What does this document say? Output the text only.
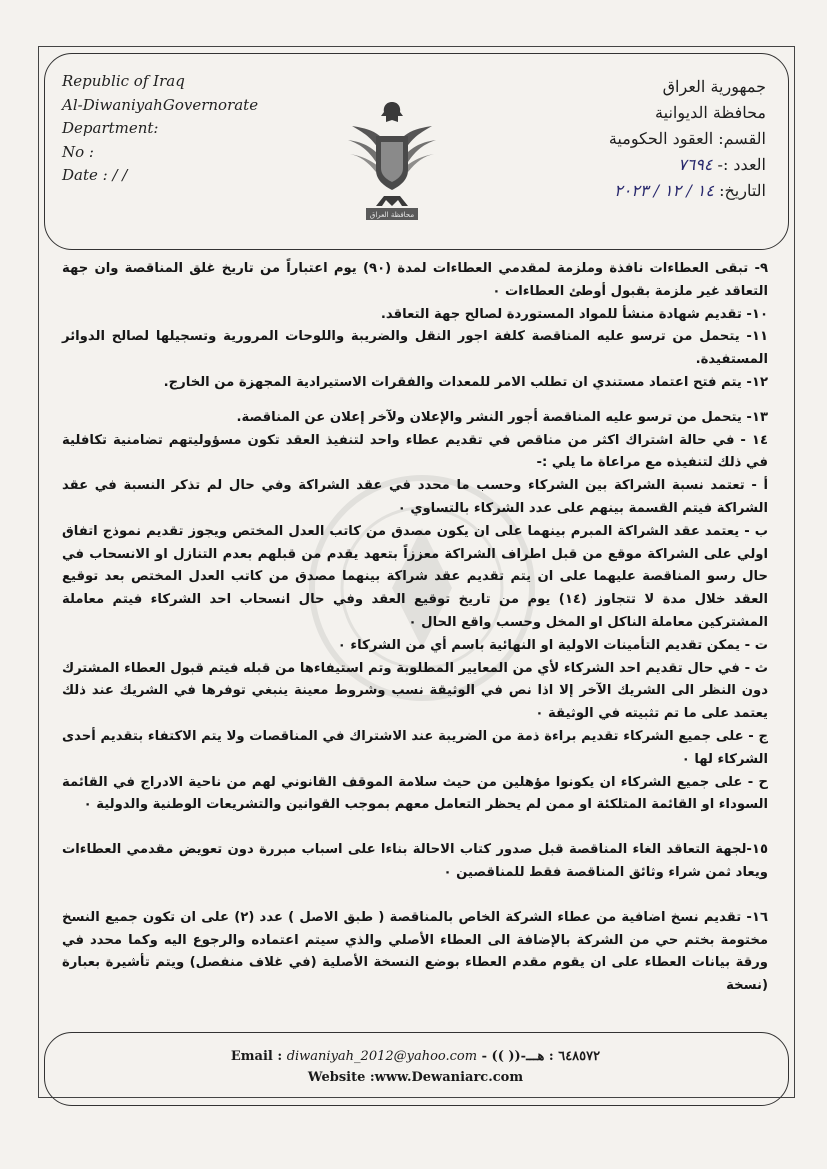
Republic of Iraq
Al-DiwaniyahGovernorate
Department:
No :
Date : / /
محافظة العراق
جمهورية العراق
محافظة الديوانية
القسم: العقود الحكومية
العدد :- ٧٦٩٤
التاريخ: ١٤ / ١٢ / ٢٠٢٣

٩- تبقى العطاءات نافذة وملزمة لمقدمي العطاءات لمدة (٩٠) يوم اعتباراً من تاريخ غلق المناقصة وان جهة التعاقد غير ملزمة بقبول أوطئ العطاءات ٠

١٠- تقديم شهادة منشأ للمواد المستوردة لصالح جهة التعاقد.

١١- يتحمل من ترسو عليه المناقصة كلفة اجور النقل والضريبة واللوحات المرورية وتسجيلها لصالح الدوائر المستفيدة.

١٢- يتم فتح اعتماد مستندي ان تطلب الامر للمعدات والفقرات الاستيرادية المجهزة من الخارج.

١٣- يتحمل من ترسو عليه المناقصة أجور النشر والإعلان ولآخر إعلان عن المناقصة.

١٤ - في حالة اشتراك اكثر من مناقص في تقديم عطاء واحد لتنفيذ العقد تكون مسؤوليتهم تضامنية تكافلية في ذلك لتنفيذه مع مراعاة ما يلي :-

أ - تعتمد نسبة الشراكة بين الشركاء وحسب ما محدد في عقد الشراكة وفي حال لم تذكر النسبة في عقد الشراكة فيتم القسمة بينهم على عدد الشركاء بالتساوي ٠

ب - يعتمد عقد الشراكة المبرم بينهما على ان يكون مصدق من كاتب العدل المختص ويجوز تقديم نموذج اتفاق اولي على الشراكة موقع من قبل اطراف الشراكة معززاً بتعهد يقدم من قبلهم بعدم التنازل او الانسحاب في حال رسو المناقصة عليهما على ان يتم تقديم عقد شراكة بينهما مصدق من كاتب العدل المختص بعد توقيع العقد خلال مدة لا تتجاوز (١٤) يوم من تاريخ توقيع العقد وفي حال انسحاب احد الشركاء فيتم معاملة المشتركين معاملة الناكل او المخل وحسب واقع الحال ٠

ت - يمكن تقديم التأمينات الاولية او النهائية باسم أي من الشركاء ٠

ث - في حال تقديم احد الشركاء لأي من المعايير المطلوبة وتم استيفاءها من قبله فيتم قبول العطاء المشترك دون النظر الى الشريك الآخر إلا اذا نص في الوثيقة نسب وشروط معينة ينبغي توفرها في الشريك عند ذلك يعتمد على ما تم تثبيته في الوثيقة ٠

ج - على جميع الشركاء تقديم براءة ذمة من الضريبة عند الاشتراك في المناقصات ولا يتم الاكتفاء بتقديم أحدى الشركاء لها ٠

ح - على جميع الشركاء ان يكونوا مؤهلين من حيث سلامة الموقف القانوني لهم من ناحية الادراج في القائمة السوداء او القائمة المتلكئة او ممن لم يحظر التعامل معهم بموجب القوانين والتشريعات الوطنية والدولية ٠

١٥-لجهة التعاقد الغاء المناقصة قبل صدور كتاب الاحالة بناءا على اسباب مبررة دون تعويض مقدمي العطاءات ويعاد ثمن شراء وثائق المناقصة فقط للمناقصين ٠

١٦- تقديم نسخ اضافية من عطاء الشركة الخاص بالمناقصة ( طبق الاصل ) عدد (٢) على ان تكون جميع النسخ مختومة بختم حي من الشركة بالإضافة الى العطاء الأصلي والذي سيتم اعتماده والرجوع اليه وكما محدد في ورقة بيانات العطاء على ان يقوم مقدم العطاء بوضع النسخة الأصلية (في غلاف منفصل) ويتم تأشيرة بعبارة (نسخة

Email : diwaniyah_2012@yahoo.com - (( ))-٦٤٨٥٧٢ : هـــ
Website :www.Dewaniarc.com
